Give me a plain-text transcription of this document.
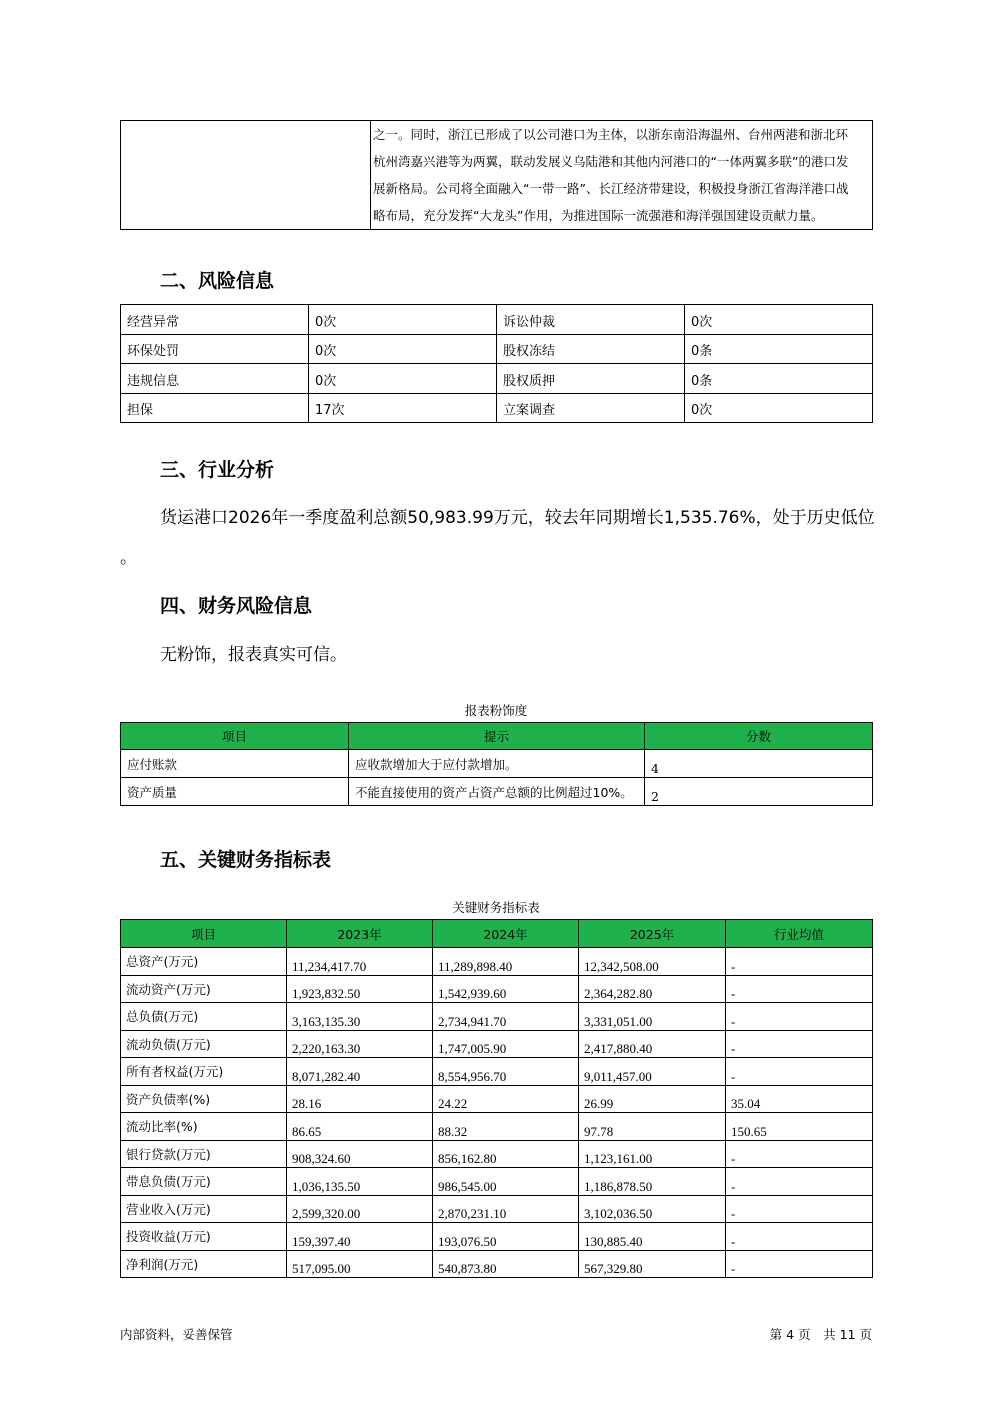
之一。同时，浙江已形成了以公司港口为主体，以浙东南沿海温州、台州两港和浙北环
杭州湾嘉兴港等为两翼，联动发展义乌陆港和其他内河港口的“一体两翼多联”的港口发
展新格局。公司将全面融入“一带一路”、长江经济带建设，积极投身浙江省海洋港口战
略布局，充分发挥“大龙头”作用，为推进国际一流强港和海洋强国建设贡献力量。
二、风险信息
经营异常	0次	诉讼仲裁	0次
环保处罚	0次	股权冻结	0条
违规信息	0次	股权质押	0条
担保	17次	立案调查	0次
三、行业分析
货运港口2026年一季度盈利总额50,983.99万元，较去年同期增长1,535.76%，处于历史低位
。
四、财务风险信息
无粉饰，报表真实可信。
报表粉饰度
项目	提示	分数
应付账款	应收款增加大于应付款增加。	4
资产质量	不能直接使用的资产占资产总额的比例超过10%。	2
五、关键财务指标表
关键财务指标表
项目	2023年	2024年	2025年	行业均值
总资产(万元)	11,234,417.70	11,289,898.40	12,342,508.00	-
流动资产(万元)	1,923,832.50	1,542,939.60	2,364,282.80	-
总负债(万元)	3,163,135.30	2,734,941.70	3,331,051.00	-
流动负债(万元)	2,220,163.30	1,747,005.90	2,417,880.40	-
所有者权益(万元)	8,071,282.40	8,554,956.70	9,011,457.00	-
资产负债率(%)	28.16	24.22	26.99	35.04
流动比率(%)	86.65	88.32	97.78	150.65
银行贷款(万元)	908,324.60	856,162.80	1,123,161.00	-
带息负债(万元)	1,036,135.50	986,545.00	1,186,878.50	-
营业收入(万元)	2,599,320.00	2,870,231.10	3,102,036.50	-
投资收益(万元)	159,397.40	193,076.50	130,885.40	-
净利润(万元)	517,095.00	540,873.80	567,329.80	-
内部资料，妥善保管	第 4 页　共 11 页
